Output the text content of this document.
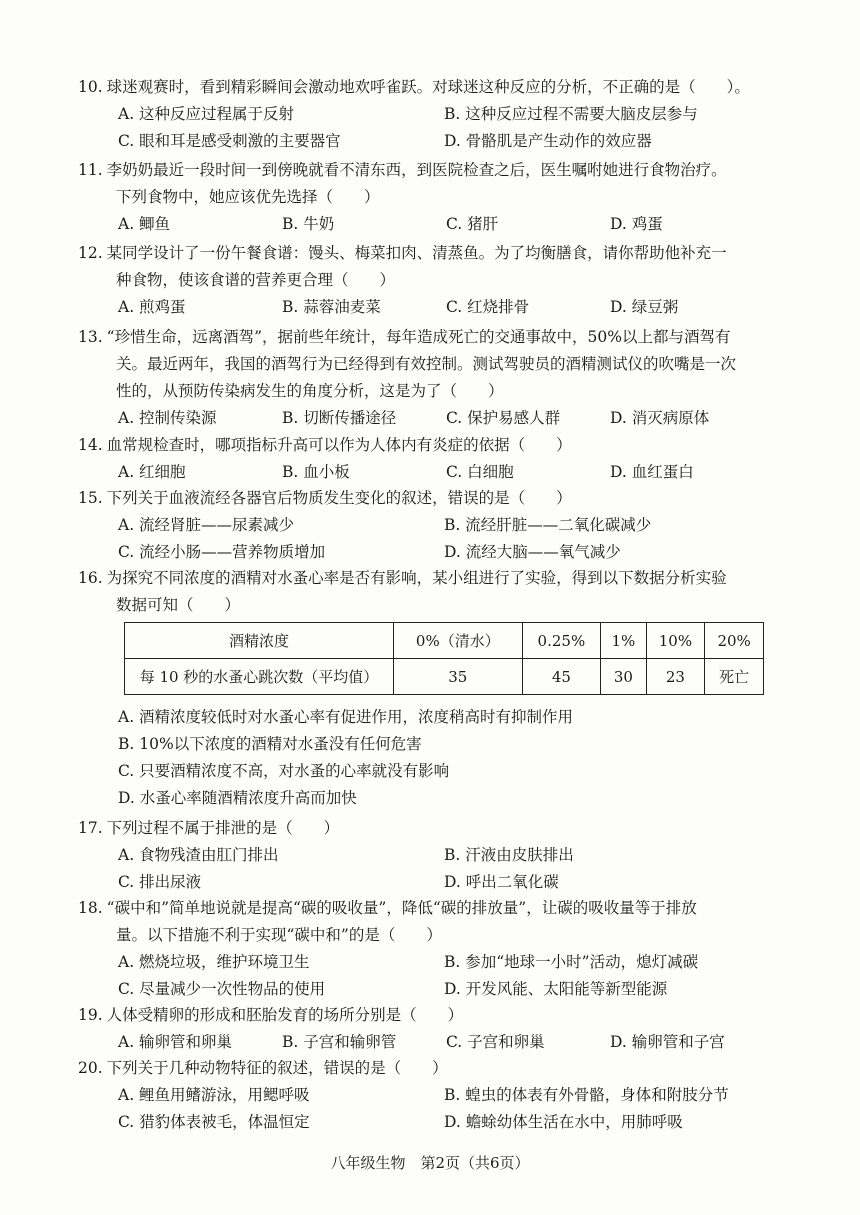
10. 球迷观赛时，看到精彩瞬间会激动地欢呼雀跃。对球迷这种反应的分析，不正确的是（　　）。
A. 这种反应过程属于反射	B. 这种反应过程不需要大脑皮层参与
C. 眼和耳是感受刺激的主要器官	D. 骨骼肌是产生动作的效应器
11. 李奶奶最近一段时间一到傍晚就看不清东西，到医院检查之后，医生嘱咐她进行食物治疗。
下列食物中，她应该优先选择（　　）
A. 鲫鱼	B. 牛奶	C. 猪肝	D. 鸡蛋
12. 某同学设计了一份午餐食谱：馒头、梅菜扣肉、清蒸鱼。为了均衡膳食，请你帮助他补充一
种食物，使该食谱的营养更合理（　　）
A. 煎鸡蛋	B. 蒜蓉油麦菜	C. 红烧排骨	D. 绿豆粥
13. “珍惜生命，远离酒驾”，据前些年统计，每年造成死亡的交通事故中，50%以上都与酒驾有
关。最近两年，我国的酒驾行为已经得到有效控制。测试驾驶员的酒精测试仪的吹嘴是一次
性的，从预防传染病发生的角度分析，这是为了（　　）
A. 控制传染源	B. 切断传播途径	C. 保护易感人群	D. 消灭病原体
14. 血常规检查时，哪项指标升高可以作为人体内有炎症的依据（　　）
A. 红细胞	B. 血小板	C. 白细胞	D. 血红蛋白
15. 下列关于血液流经各器官后物质发生变化的叙述，错误的是（　　）
A. 流经肾脏——尿素减少	B. 流经肝脏——二氧化碳减少
C. 流经小肠——营养物质增加	D. 流经大脑——氧气减少
16. 为探究不同浓度的酒精对水蚤心率是否有影响，某小组进行了实验，得到以下数据分析实验
数据可知（　　）
酒精浓度	0%（清水）	0.25%	1%	10%	20%
每 10 秒的水蚤心跳次数（平均值）	35	45	30	23	死亡
A. 酒精浓度较低时对水蚤心率有促进作用，浓度稍高时有抑制作用
B. 10%以下浓度的酒精对水蚤没有任何危害
C. 只要酒精浓度不高，对水蚤的心率就没有影响
D. 水蚤心率随酒精浓度升高而加快
17. 下列过程不属于排泄的是（　　）
A. 食物残渣由肛门排出	B. 汗液由皮肤排出
C. 排出尿液	D. 呼出二氧化碳
18. “碳中和”简单地说就是提高“碳的吸收量”，降低“碳的排放量”，让碳的吸收量等于排放
量。以下措施不利于实现“碳中和”的是（　　）
A. 燃烧垃圾，维护环境卫生	B. 参加“地球一小时”活动，熄灯减碳
C. 尽量减少一次性物品的使用	D. 开发风能、太阳能等新型能源
19. 人体受精卵的形成和胚胎发育的场所分别是（　　）
A. 输卵管和卵巢	B. 子宫和输卵管	C. 子宫和卵巢	D. 输卵管和子宫
20. 下列关于几种动物特征的叙述，错误的是（　　）
A. 鲤鱼用鳍游泳，用鳃呼吸	B. 蝗虫的体表有外骨骼，身体和附肢分节
C. 猎豹体表被毛，体温恒定	D. 蟾蜍幼体生活在水中，用肺呼吸
八年级生物　第2页（共6页）
